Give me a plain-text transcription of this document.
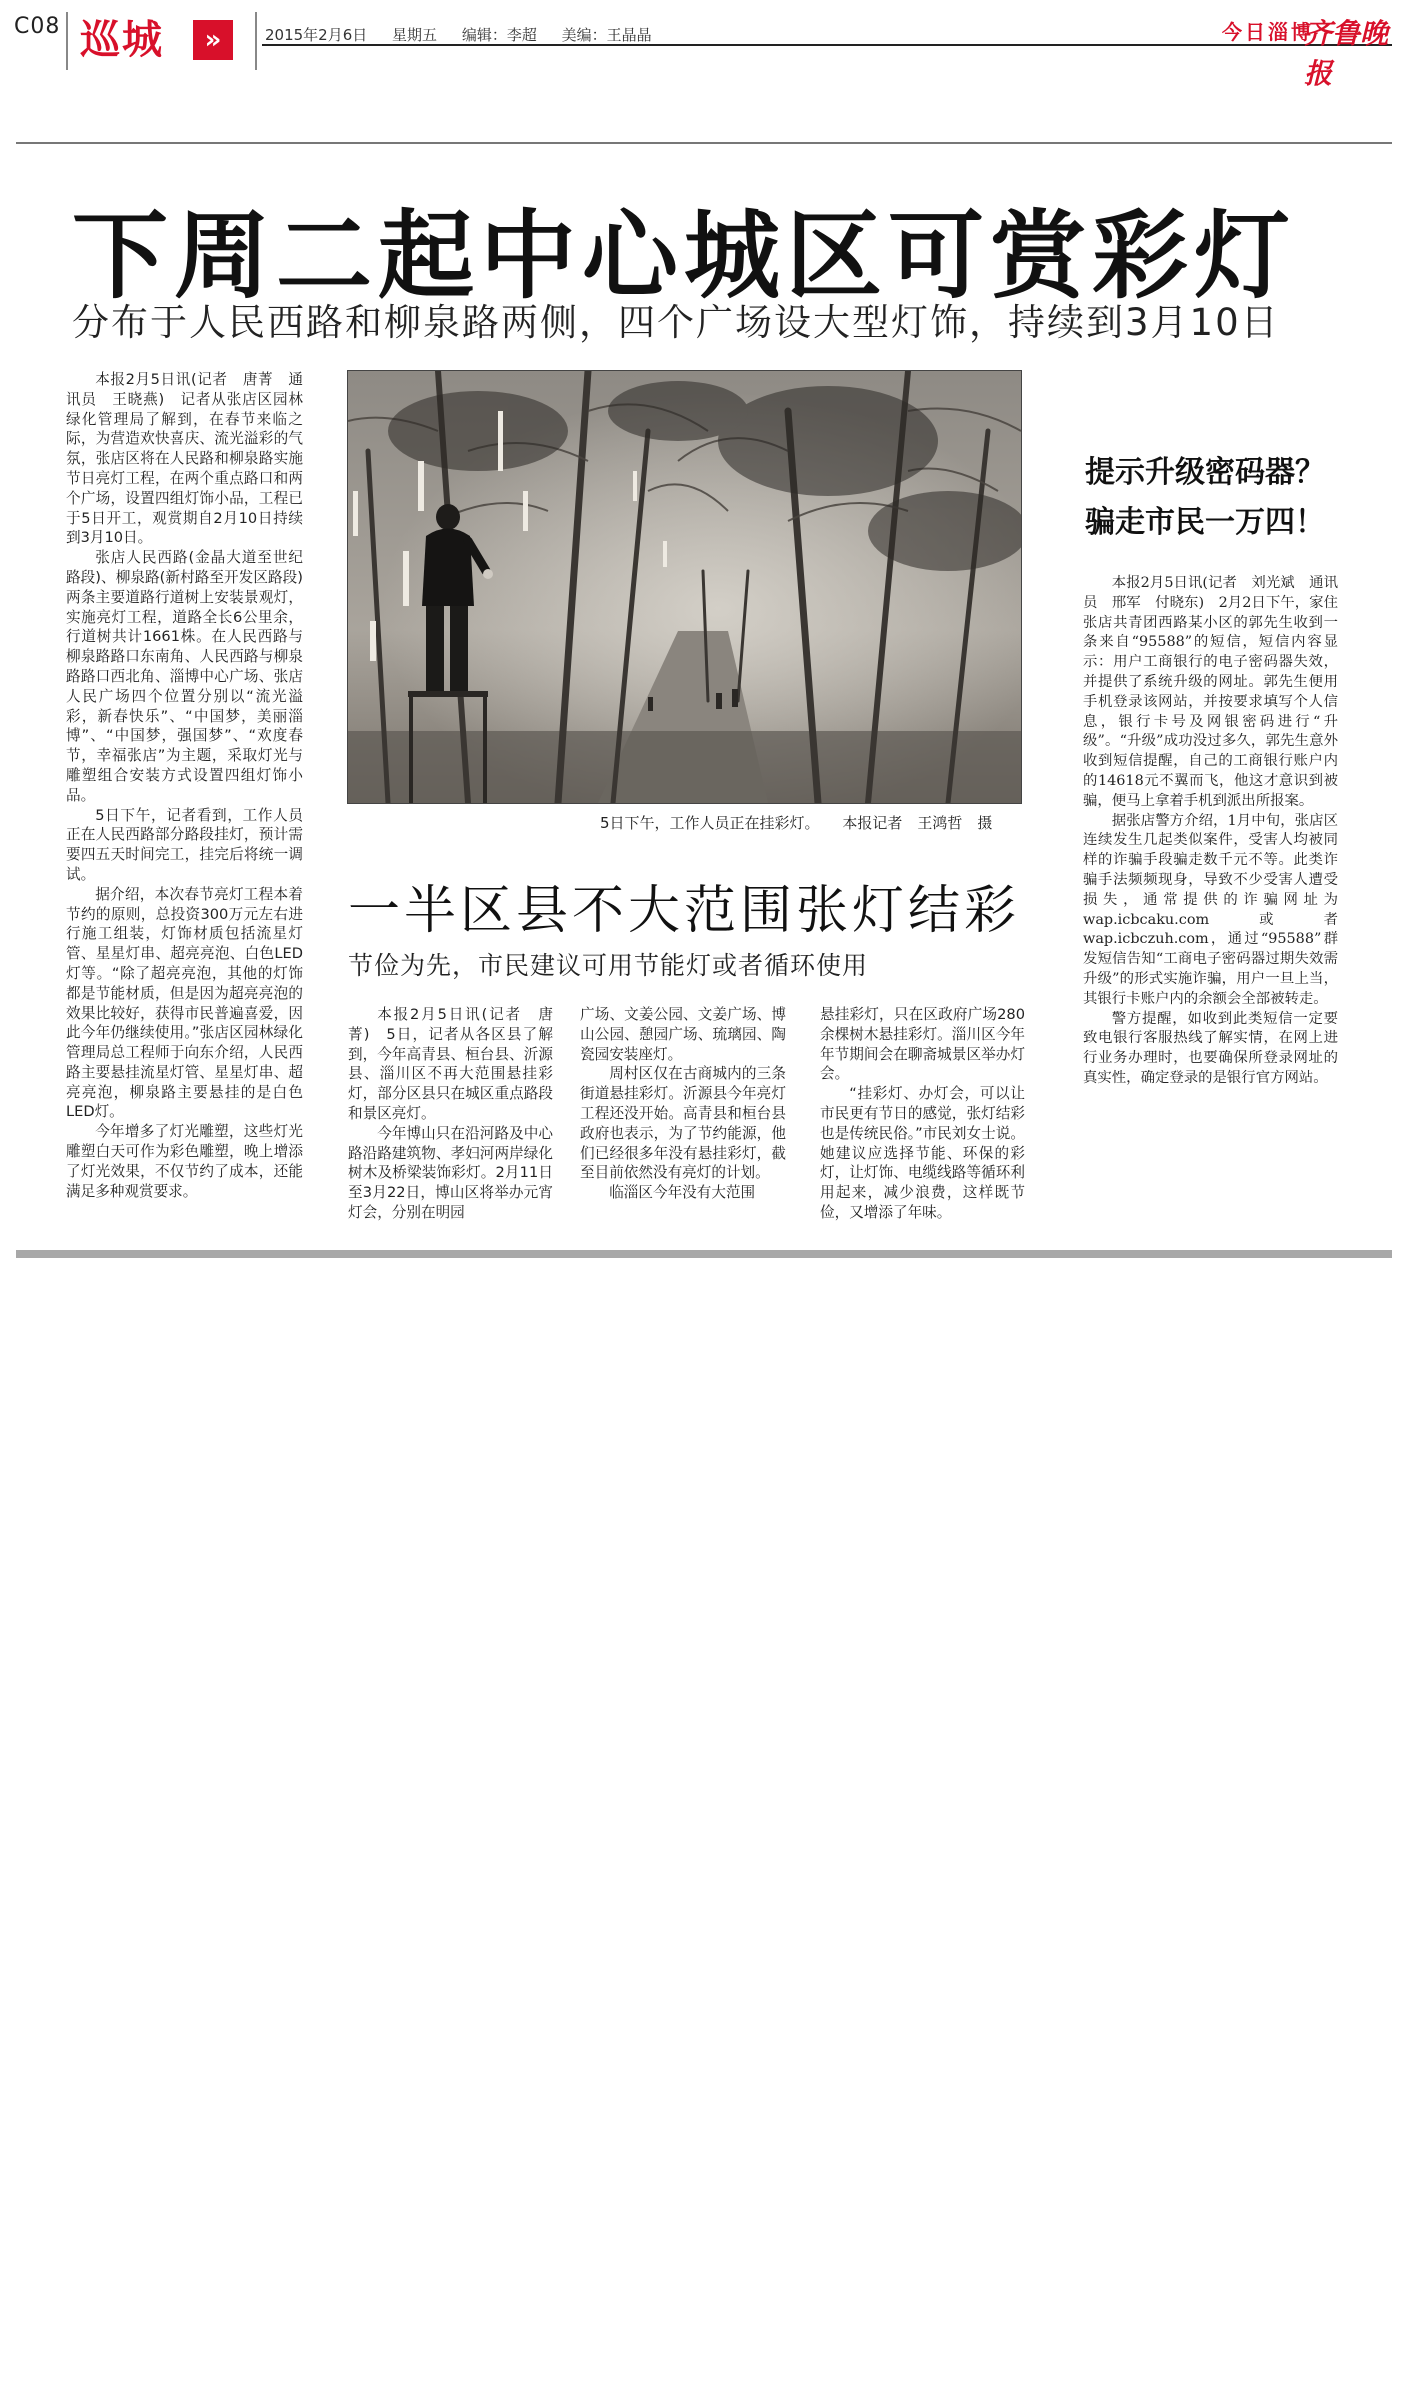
C08 巡城	»	2015年2月6日 星期五 编辑：李超 美编：王晶晶	今日淄博
齐鲁晚报
下周二起中心城区可赏彩灯
分布于人民西路和柳泉路两侧，四个广场设大型灯饰，持续到3月10日

本报2月5日讯(记者　唐菁　通讯员　王晓燕)　记者从张店区园林绿化管理局了解到，在春节来临之际，为营造欢快喜庆、流光溢彩的气氛，张店区将在人民路和柳泉路实施节日亮灯工程，在两个重点路口和两个广场，设置四组灯饰小品，工程已于5日开工，观赏期自2月10日持续到3月10日。

张店人民西路(金晶大道至世纪路段)、柳泉路(新村路至开发区路段)两条主要道路行道树上安装景观灯，实施亮灯工程，道路全长6公里余，行道树共计1661株。在人民西路与柳泉路路口东南角、人民西路与柳泉路路口西北角、淄博中心广场、张店人民广场四个位置分别以“流光溢彩，新春快乐”、“中国梦，美丽淄博”、“中国梦，强国梦”、“欢度春节，幸福张店”为主题，采取灯光与雕塑组合安装方式设置四组灯饰小品。

5日下午，记者看到，工作人员正在人民西路部分路段挂灯，预计需要四五天时间完工，挂完后将统一调试。

据介绍，本次春节亮灯工程本着节约的原则，总投资300万元左右进行施工组装，灯饰材质包括流星灯管、星星灯串、超亮亮泡、白色LED灯等。“除了超亮亮泡，其他的灯饰都是节能材质，但是因为超亮亮泡的效果比较好，获得市民普遍喜爱，因此今年仍继续使用。”张店区园林绿化管理局总工程师于向东介绍，人民西路主要悬挂流星灯管、星星灯串、超亮亮泡，柳泉路主要悬挂的是白色LED灯。

今年增多了灯光雕塑，这些灯光雕塑白天可作为彩色雕塑，晚上增添了灯光效果，不仅节约了成本，还能满足多种观赏要求。

5日下午，工作人员正在挂彩灯。 本报记者　王鸿哲　摄
一半区县不大范围张灯结彩
节俭为先，市民建议可用节能灯或者循环使用

本报2月5日讯(记者　唐菁)　5日，记者从各区县了解到，今年高青县、桓台县、沂源县、淄川区不再大范围悬挂彩灯，部分区县只在城区重点路段和景区亮灯。

今年博山只在沿河路及中心路沿路建筑物、孝妇河两岸绿化树木及桥梁装饰彩灯。2月11日至3月22日，博山区将举办元宵灯会，分别在明园

广场、文姜公园、文姜广场、博山公园、憩园广场、琉璃园、陶瓷园安装座灯。

周村区仅在古商城内的三条街道悬挂彩灯。沂源县今年亮灯工程还没开始。高青县和桓台县政府也表示，为了节约能源，他们已经很多年没有悬挂彩灯，截至目前依然没有亮灯的计划。

临淄区今年没有大范围

悬挂彩灯，只在区政府广场280余棵树木悬挂彩灯。淄川区今年年节期间会在聊斋城景区举办灯会。

“挂彩灯、办灯会，可以让市民更有节日的感觉，张灯结彩也是传统民俗。”市民刘女士说。她建议应选择节能、环保的彩灯，让灯饰、电缆线路等循环利用起来，减少浪费，这样既节俭，又增添了年味。

提示升级密码器？
骗走市民一万四！

本报2月5日讯(记者　刘光斌　通讯员　邢军　付晓东)　2月2日下午，家住张店共青团西路某小区的郭先生收到一条来自“95588”的短信，短信内容显示：用户工商银行的电子密码器失效，并提供了系统升级的网址。郭先生便用手机登录该网站，并按要求填写个人信息，银行卡号及网银密码进行“升级”。“升级”成功没过多久，郭先生意外收到短信提醒，自己的工商银行账户内的14618元不翼而飞，他这才意识到被骗，便马上拿着手机到派出所报案。

据张店警方介绍，1月中旬，张店区连续发生几起类似案件，受害人均被同样的诈骗手段骗走数千元不等。此类诈骗手法频频现身，导致不少受害人遭受损失，通常提供的诈骗网址为wap.icbcaku.com或者wap.icbczuh.com，通过“95588”群发短信告知“工商电子密码器过期失效需升级”的形式实施诈骗，用户一旦上当，其银行卡账户内的余额会全部被转走。

警方提醒，如收到此类短信一定要致电银行客服热线了解实情，在网上进行业务办理时，也要确保所登录网址的真实性，确定登录的是银行官方网站。
